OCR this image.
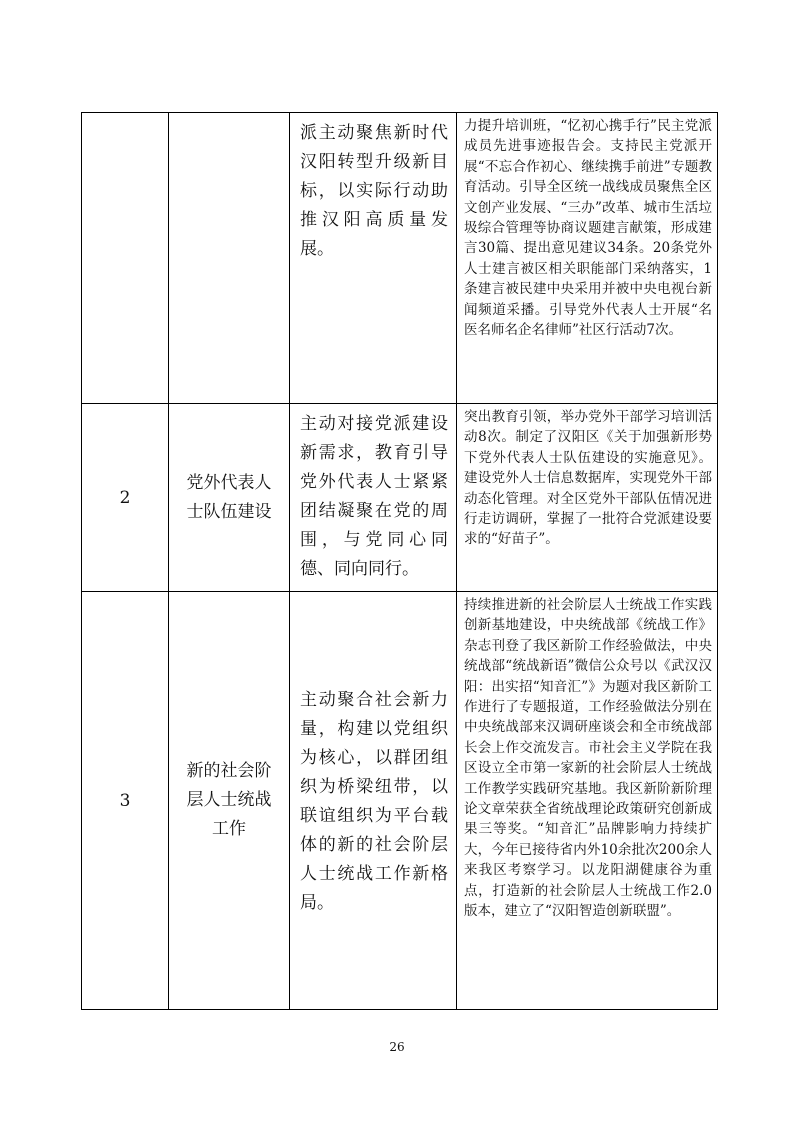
		派主动聚焦新时代汉阳转型升级新目标，以实际行动助推汉阳高质量发展。	力提升培训班，“忆初心携手行”民主党派成员先进事迹报告会。支持民主党派开展“不忘合作初心、继续携手前进”专题教育活动。引导全区统一战线成员聚焦全区文创产业发展、“三办”改革、城市生活垃圾综合管理等协商议题建言献策，形成建言30篇、提出意见建议34条。20条党外人士建言被区相关职能部门采纳落实，1条建言被民建中央采用并被中央电视台新闻频道采播。引导党外代表人士开展“名医名师名企名律师”社区行活动7次。
2	党外代表人士队伍建设	主动对接党派建设新需求，教育引导党外代表人士紧紧团结凝聚在党的周围，与党同心同德、同向同行。	突出教育引领，举办党外干部学习培训活动8次。制定了汉阳区《关于加强新形势下党外代表人士队伍建设的实施意见》。建设党外人士信息数据库，实现党外干部动态化管理。对全区党外干部队伍情况进行走访调研，掌握了一批符合党派建设要求的“好苗子”。
3	新的社会阶层人士统战工作	主动聚合社会新力量，构建以党组织为核心，以群团组织为桥梁纽带，以联谊组织为平台载体的新的社会阶层人士统战工作新格局。	持续推进新的社会阶层人士统战工作实践创新基地建设，中央统战部《统战工作》杂志刊登了我区新阶工作经验做法，中央统战部“统战新语”微信公众号以《武汉汉阳：出实招“知音汇”》为题对我区新阶工作进行了专题报道，工作经验做法分别在中央统战部来汉调研座谈会和全市统战部长会上作交流发言。市社会主义学院在我区设立全市第一家新的社会阶层人士统战工作教学实践研究基地。我区新阶新阶理论文章荣获全省统战理论政策研究创新成果三等奖。“知音汇”品牌影响力持续扩大，今年已接待省内外10余批次200余人来我区考察学习。以龙阳湖健康谷为重点，打造新的社会阶层人士统战工作2.0版本，建立了“汉阳智造创新联盟”。
26
